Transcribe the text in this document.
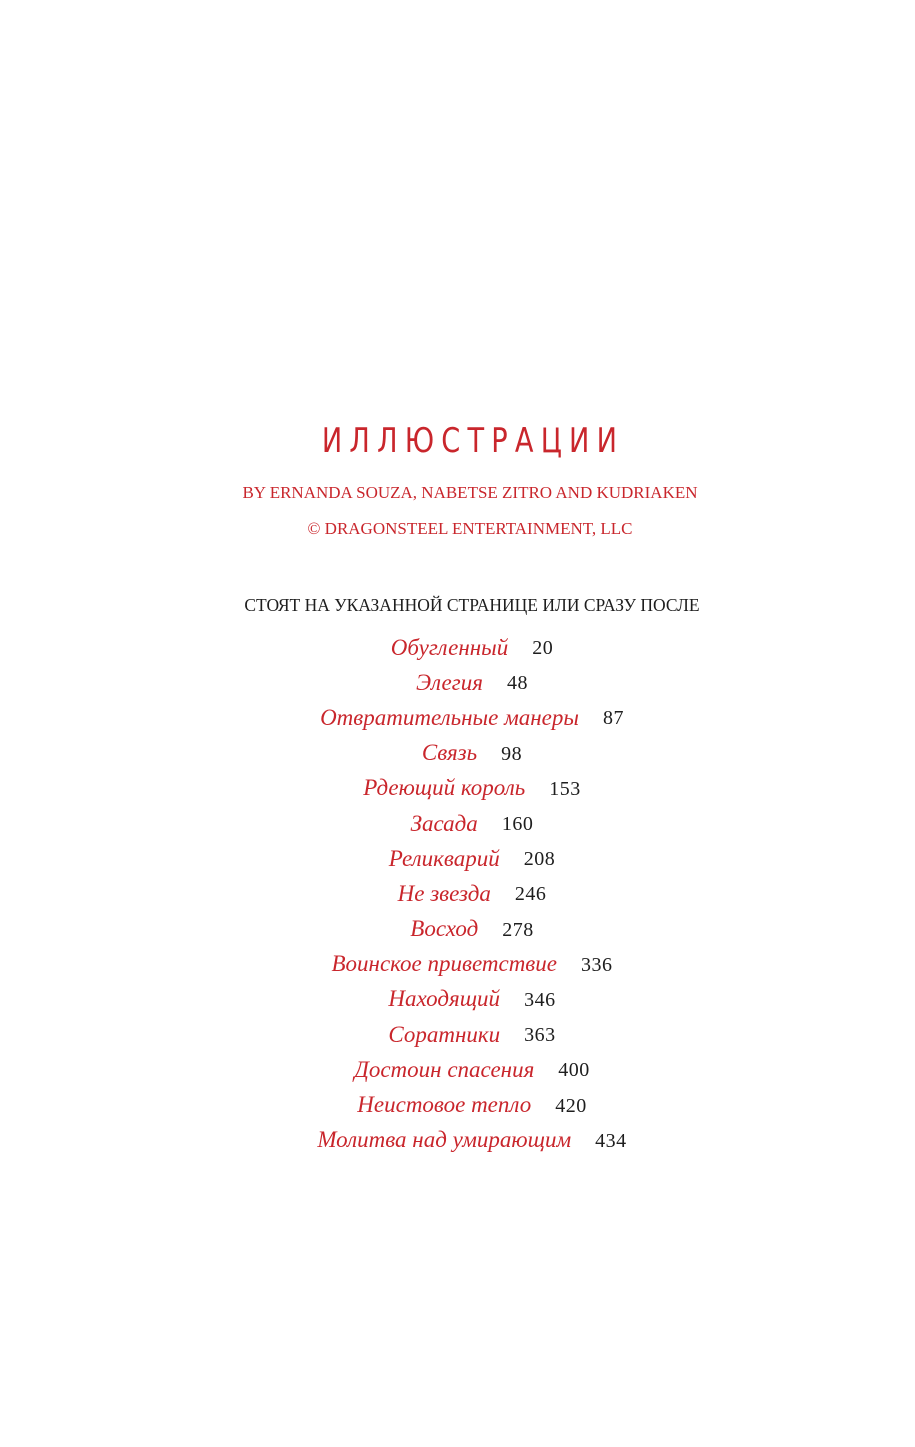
ИЛЛЮСТРАЦИИ

BY ERNANDA SOUZA, NABETSE ZITRO AND KUDRIAKEN

© DRAGONSTEEL ENTERTAINMENT, LLC

СТОЯТ НА УКАЗАННОЙ СТРАНИЦЕ ИЛИ СРАЗУ ПОСЛЕ

Обугленный 20
Элегия 48
Отвратительные манеры 87
Связь 98
Рдеющий король 153
Засада 160
Реликварий 208
Не звезда 246
Восход 278
Воинское приветствие 336
Находящий 346
Соратники 363
Достоин спасения 400
Неистовое тепло 420
Молитва над умирающим 434
